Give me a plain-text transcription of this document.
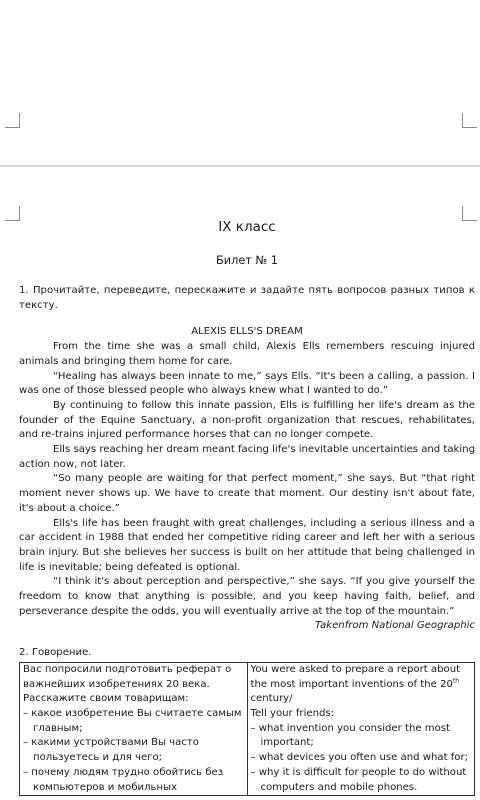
IX класс
Билет № 1
1. Прочитайте, переведите, перескажите и задайте пять вопросов разных типов к тексту.
ALEXIS ELLS'S DREAM

From the time she was a small child, Alexis Ells remembers rescuing injured animals and bringing them home for care.

“Healing has always been innate to me,” says Ells. “It's been a calling, a passion. I was one of those blessed people who always knew what I wanted to do.”

By continuing to follow this innate passion, Ells is fulfilling her life's dream as the founder of the Equine Sanctuary, a non-profit organization that rescues, rehabilitates, and re-trains injured performance horses that can no longer compete.

Ells says reaching her dream meant facing life's inevitable uncertainties and taking action now, not later.

“So many people are waiting for that perfect moment,” she says. But “that right moment never shows up. We have to create that moment. Our destiny isn't about fate, it's about a choice.”

Ells's life has been fraught with great challenges, including a serious illness and a car accident in 1988 that ended her competitive riding career and left her with a serious brain injury. But she believes her success is built on her attitude that being challenged in life is inevitable; being defeated is optional.

“I think it's about perception and perspective,” she says. “If you give yourself the freedom to know that anything is possible, and you keep having faith, belief, and perseverance despite the odds, you will eventually arrive at the top of the mountain.”

Takenfrom National Geographic
2. Говорение.
Вас попросили подготовить реферат о важнейших изобретениях 20 века.
Расскажите своим товарищам:
– какое изобретение Вы считаете самым главным;
– какими устройствами Вы часто пользуетесь и для чего;
– почему людям трудно обойтись без компьютеров и мобильных

You were asked to prepare a report about the most important inventions of the 20th century/
Tell your friends:
– what invention you consider the most important;
– what devices you often use and what for;
– why it is difficult for people to do without computers and mobile phones.
